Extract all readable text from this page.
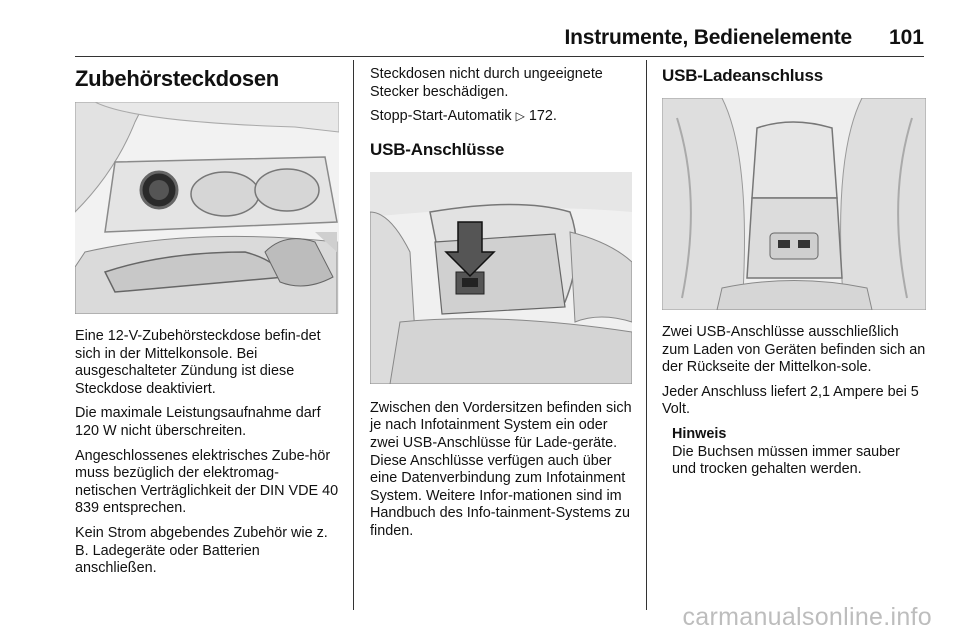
Instrumente, Bedienelemente 101
Zubehörsteckdosen

Eine 12-V-Zubehörsteckdose befin-det sich in der Mittelkonsole. Bei ausgeschalteter Zündung ist diese Steckdose deaktiviert.

Die maximale Leistungsaufnahme darf 120 W nicht überschreiten.

Angeschlossenes elektrisches Zube-hör muss bezüglich der elektromag-netischen Verträglichkeit der DIN VDE 40 839 entsprechen.

Kein Strom abgebendes Zubehör wie z. B. Ladegeräte oder Batterien anschließen.

Steckdosen nicht durch ungeeignete Stecker beschädigen.

Stopp-Start-Automatik ▷ 172.

USB-Anschlüsse

Zwischen den Vordersitzen befinden sich je nach Infotainment System ein oder zwei USB-Anschlüsse für Lade-geräte. Diese Anschlüsse verfügen auch über eine Datenverbindung zum Infotainment System. Weitere Infor-mationen sind im Handbuch des Info-tainment-Systems zu finden.

USB-Ladeanschluss

Zwei USB-Anschlüsse ausschließlich zum Laden von Geräten befinden sich an der Rückseite der Mittelkon-sole.

Jeder Anschluss liefert 2,1 Ampere bei 5 Volt.

Hinweis

Die Buchsen müssen immer sauber und trocken gehalten werden.

carmanualsonline.info
